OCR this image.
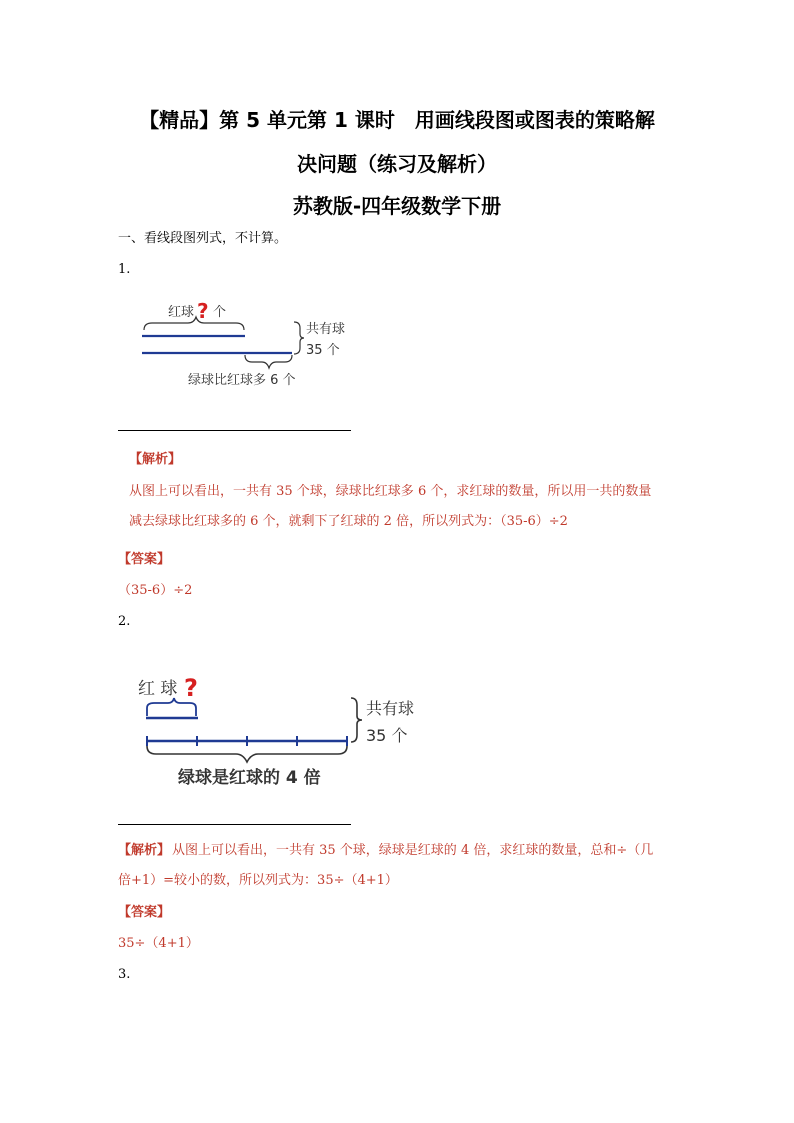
【精品】第 5 单元第 1 课时　用画线段图或图表的策略解
决问题（练习及解析）
苏教版-四年级数学下册
一、看线段图列式，不计算。
1.
红球 ? 个
共有球
35 个
绿球比红球多 6 个
【解析】
从图上可以看出，一共有 35 个球，绿球比红球多 6 个，求红球的数量，所以用一共的数量
减去绿球比红球多的 6 个，就剩下了红球的 2 倍，所以列式为：（35-6）÷2
【答案】
（35-6）÷2
2.
红 球 ?
共有球
35 个
绿球是红球的 4 倍
【解析】 从图上可以看出，一共有 35 个球，绿球是红球的 4 倍，求红球的数量，总和÷（几
倍+1）=较小的数，所以列式为：35÷（4+1）
【答案】
35÷（4+1）
3.
